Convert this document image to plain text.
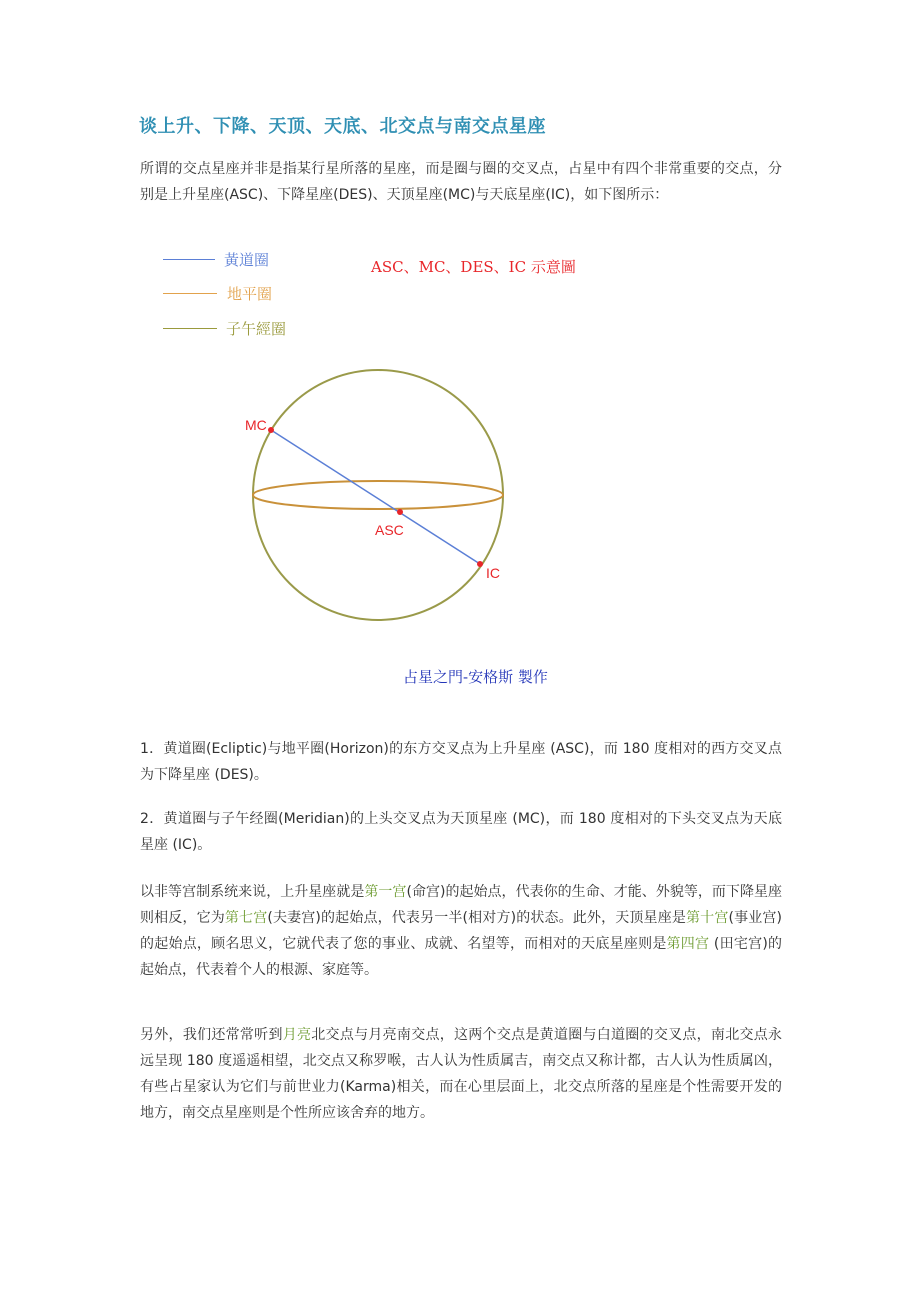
谈上升、下降、天顶、天底、北交点与南交点星座

所谓的交点星座并非是指某行星所落的星座，而是圈与圈的交叉点，占星中有四个非常重要的交点，分别是上升星座(ASC)、下降星座(DES)、天顶星座(MC)与天底星座(IC)，如下图所示：

黃道圈
地平圈
子午經圈
ASC、MC、DES、IC 示意圖
MC
ASC
IC
占星之門-安格斯 製作

1．黄道圈(Ecliptic)与地平圈(Horizon)的东方交叉点为上升星座 (ASC)，而 180 度相对的西方交叉点为下降星座 (DES)。

2．黄道圈与子午经圈(Meridian)的上头交叉点为天顶星座 (MC)，而 180 度相对的下头交叉点为天底星座 (IC)。

以非等宫制系统来说，上升星座就是第一宫(命宫)的起始点，代表你的生命、才能、外貌等，而下降星座则相反，它为第七宫(夫妻宫)的起始点，代表另一半(相对方)的状态。此外，天顶星座是第十宫(事业宫)的起始点，顾名思义，它就代表了您的事业、成就、名望等，而相对的天底星座则是第四宫 (田宅宫)的起始点，代表着个人的根源、家庭等。

另外，我们还常常听到月亮北交点与月亮南交点，这两个交点是黄道圈与白道圈的交叉点，南北交点永远呈现 180 度遥遥相望，北交点又称罗喉，古人认为性质属吉，南交点又称计都，古人认为性质属凶，有些占星家认为它们与前世业力(Karma)相关，而在心里层面上，北交点所落的星座是个性需要开发的地方，南交点星座则是个性所应该舍弃的地方。
